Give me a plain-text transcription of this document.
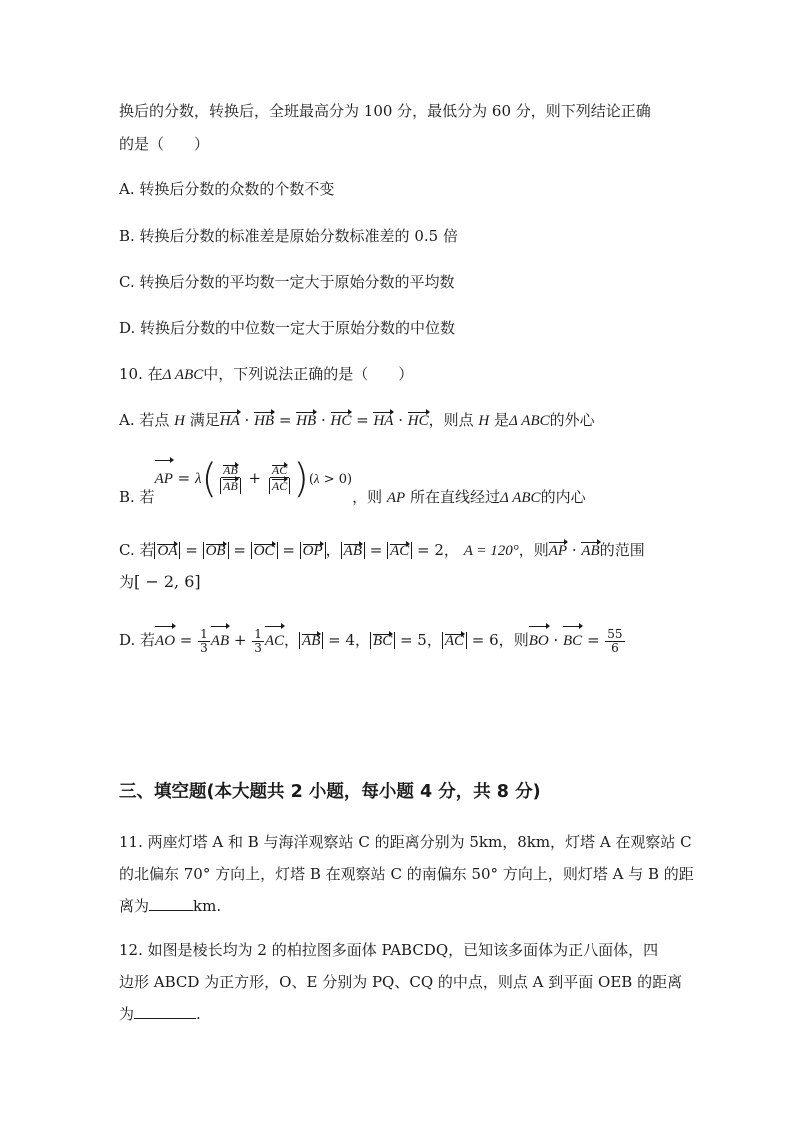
换后的分数，转换后，全班最高分为 100 分，最低分为 60 分，则下列结论正确
的是（　　）
A. 转换后分数的众数的个数不变
B. 转换后分数的标准差是原始分数标准差的 0.5 倍
C. 转换后分数的平均数一定大于原始分数的平均数
D. 转换后分数的中位数一定大于原始分数的中位数
10. 在Δ ABC中，下列说法正确的是（　　）
A. 若点 H 满足HA · HB = HB · HC = HA · HC，则点 H 是Δ ABC的外心
B. 若AP = $\lambda( \frac{AB}{AB} + \frac{AC}{AC} )(\lambda > 0)$，则 AP 所在直线经过Δ ABC的内心
C. 若 OA = OB = OC = OP ， AB = AC = 2， A = 120°，则AP · AB的范围
为[ − 2, 6]
D. 若AO = $\frac{1}{3}$ AB + $\frac{1}{3}$ AC， AB = 4， BC = 5， AC = 6，则BO · BC = $\frac{55}{6}$
三、填空题(本大题共 2 小题，每小题 4 分，共 8 分)
11. 两座灯塔 A 和 B 与海洋观察站 C 的距离分别为 5km，8km，灯塔 A 在观察站 C
的北偏东 70° 方向上，灯塔 B 在观察站 C 的南偏东 50° 方向上，则灯塔 A 与 B 的距
离为	km.
12. 如图是棱长均为 2 的柏拉图多面体 PABCDQ，已知该多面体为正八面体，四
边形 ABCD 为正方形，O、E 分别为 PQ、CQ 的中点，则点 A 到平面 OEB 的距离
为	.
